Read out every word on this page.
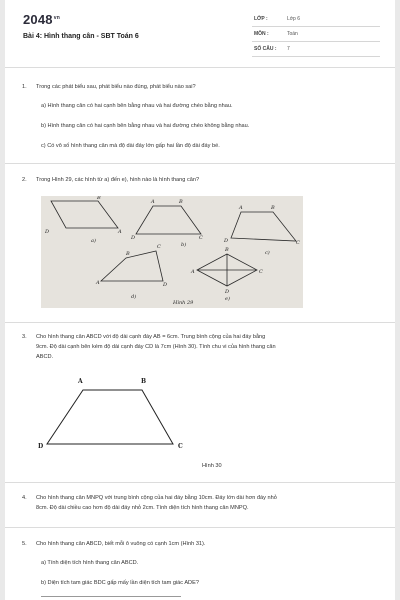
$2048^{vn}$
Bài 4: Hình thang cân - SBT Toán 6
LỚP :	Lớp 6
MÔN :	Toán
SỐ CÂU : 7
1. Trong các phát biểu sau, phát biểu nào đúng, phát biểu nào sai?
a) Hình thang cân có hai cạnh bên bằng nhau và hai đường chéo bằng nhau.
b) Hình thang cân có hai cạnh bên bằng nhau và hai đường chéo không bằng nhau.
c) Có vô số hình thang cân mà độ dài đáy lớn gấp hai lần độ dài đáy bé.
2. Trong Hình 29, các hình từ a) đến e), hình nào là hình thang cân?
D	A
B
a)	D	C
A	B
b)
A	B
C
D
c)
B
C
D
A
d)
B
C
D
A
e)
Hình 29
3. Cho hình thang cân ABCD với độ dài cạnh đáy AB = 6cm. Trung bình cộng của hai đáy bằng
9cm. Độ dài cạnh bên kém độ dài cạnh đáy CD là 7cm (Hình 30). Tính chu vi của hình thang cân
ABCD.
A	B
C
D
Hình 30
4. Cho hình thang cân MNPQ với trung bình cộng của hai đáy bằng 10cm. Đáy lớn dài hơn đáy nhỏ
8cm. Độ dài chiều cao hơn độ dài đáy nhỏ 2cm. Tính diện tích hình thang cân MNPQ.
5. Cho hình thang cân ABCD, biết mỗi ô vuông có cạnh 1cm (Hình 31).
a) Tính diện tích hình thang cân ABCD.
b) Diện tích tam giác BDC gấp mấy lần diện tích tam giác ADE?
